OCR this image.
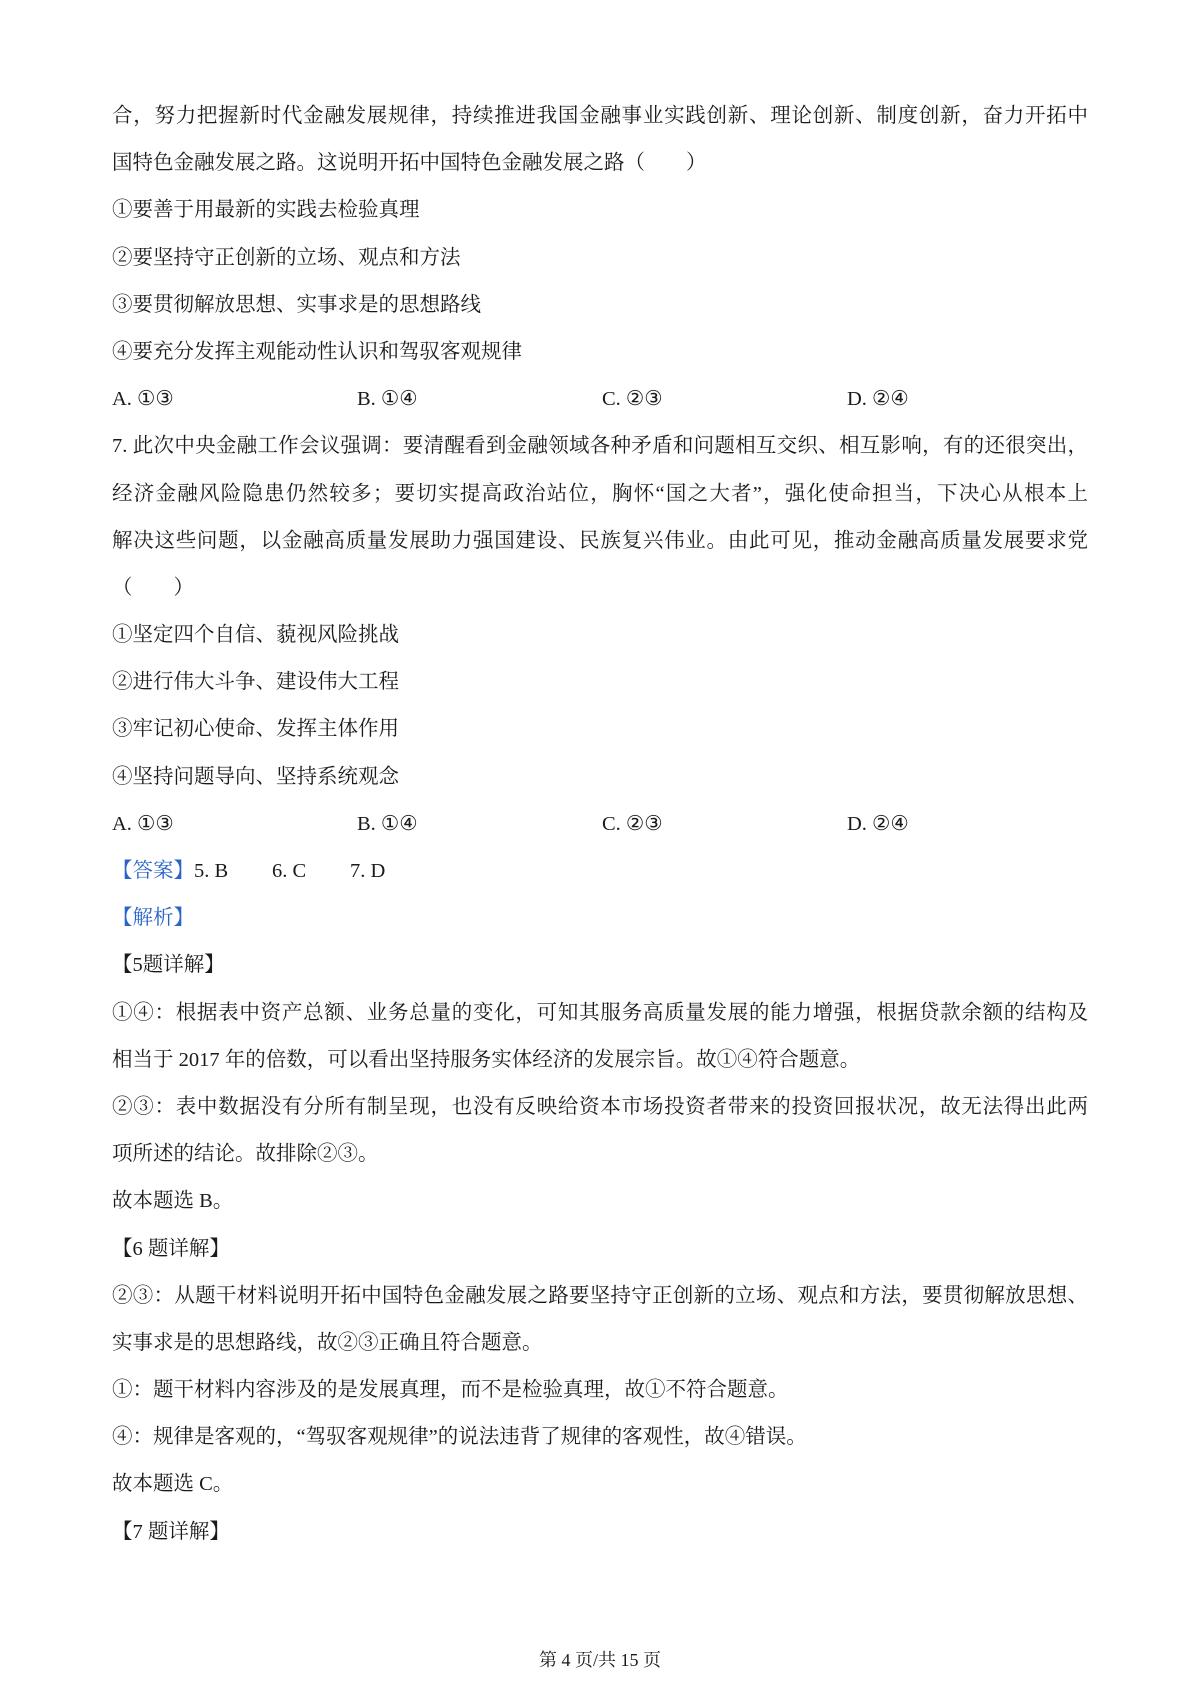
合，努力把握新时代金融发展规律，持续推进我国金融事业实践创新、理论创新、制度创新，奋力开拓中
国特色金融发展之路。这说明开拓中国特色金融发展之路（　　）
①要善于用最新的实践去检验真理
②要坚持守正创新的立场、观点和方法
③要贯彻解放思想、实事求是的思想路线
④要充分发挥主观能动性认识和驾驭客观规律
A. ①③	B. ①④	C. ②③	D. ②④
7. 此次中央金融工作会议强调：要清醒看到金融领域各种矛盾和问题相互交织、相互影响，有的还很突出，
经济金融风险隐患仍然较多；要切实提高政治站位，胸怀“国之大者”，强化使命担当，下决心从根本上
解决这些问题，以金融高质量发展助力强国建设、民族复兴伟业。由此可见，推动金融高质量发展要求党
（　　）
①坚定四个自信、藐视风险挑战
②进行伟大斗争、建设伟大工程
③牢记初心使命、发挥主体作用
④坚持问题导向、坚持系统观念
A. ①③	B. ①④	C. ②③	D. ②④
【答案】5. B 6. C 7. D
【解析】
【5题详解】
①④：根据表中资产总额、业务总量的变化，可知其服务高质量发展的能力增强，根据贷款余额的结构及
相当于 2017 年的倍数，可以看出坚持服务实体经济的发展宗旨。故①④符合题意。
②③：表中数据没有分所有制呈现，也没有反映给资本市场投资者带来的投资回报状况，故无法得出此两
项所述的结论。故排除②③。
故本题选 B。
【6 题详解】
②③：从题干材料说明开拓中国特色金融发展之路要坚持守正创新的立场、观点和方法，要贯彻解放思想、
实事求是的思想路线，故②③正确且符合题意。
①：题干材料内容涉及的是发展真理，而不是检验真理，故①不符合题意。
④：规律是客观的，“驾驭客观规律”的说法违背了规律的客观性，故④错误。
故本题选 C。
【7 题详解】
第 4 页/共 15 页
